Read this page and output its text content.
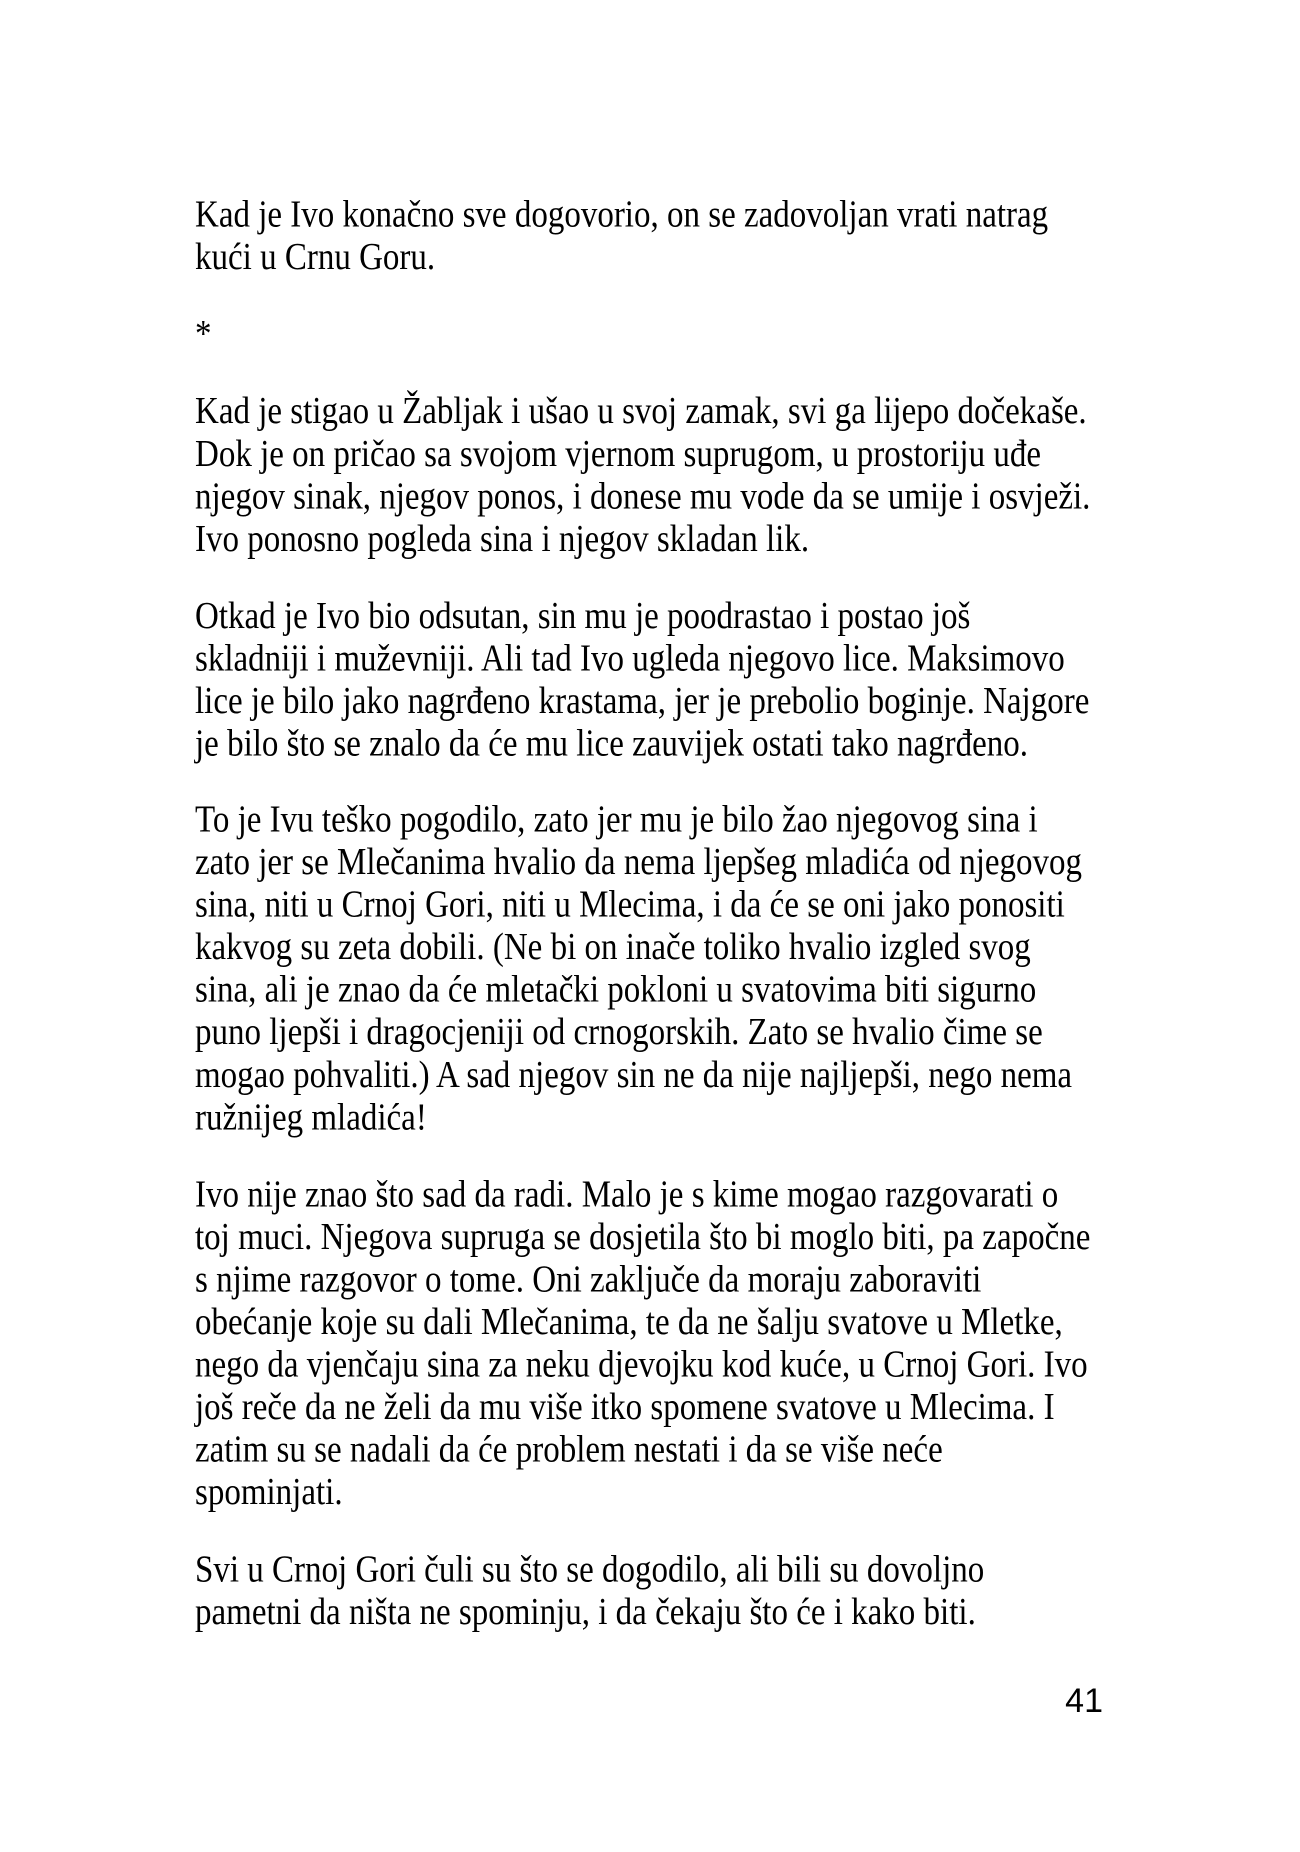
Kad je Ivo konačno sve dogovorio, on se zadovoljan vrati natrag
kući u Crnu Goru.
*
Kad je stigao u Žabljak i ušao u svoj zamak, svi ga lijepo dočekaše.
Dok je on pričao sa svojom vjernom suprugom, u prostoriju uđe
njegov sinak, njegov ponos, i donese mu vode da se umije i osvježi.
Ivo ponosno pogleda sina i njegov skladan lik.
Otkad je Ivo bio odsutan, sin mu je poodrastao i postao još
skladniji i muževniji. Ali tad Ivo ugleda njegovo lice. Maksimovo
lice je bilo jako nagrđeno krastama, jer je prebolio boginje. Najgore
je bilo što se znalo da će mu lice zauvijek ostati tako nagrđeno.
To je Ivu teško pogodilo, zato jer mu je bilo žao njegovog sina i
zato jer se Mlečanima hvalio da nema ljepšeg mladića od njegovog
sina, niti u Crnoj Gori, niti u Mlecima, i da će se oni jako ponositi
kakvog su zeta dobili. (Ne bi on inače toliko hvalio izgled svog
sina, ali je znao da će mletački pokloni u svatovima biti sigurno
puno ljepši i dragocjeniji od crnogorskih. Zato se hvalio čime se
mogao pohvaliti.) A sad njegov sin ne da nije najljepši, nego nema
ružnijeg mladića!
Ivo nije znao što sad da radi. Malo je s kime mogao razgovarati o
toj muci. Njegova supruga se dosjetila što bi moglo biti, pa započne
s njime razgovor o tome. Oni zaključe da moraju zaboraviti
obećanje koje su dali Mlečanima, te da ne šalju svatove u Mletke,
nego da vjenčaju sina za neku djevojku kod kuće, u Crnoj Gori. Ivo
još reče da ne želi da mu više itko spomene svatove u Mlecima. I
zatim su se nadali da će problem nestati i da se više neće
spominjati.
Svi u Crnoj Gori čuli su što se dogodilo, ali bili su dovoljno
pametni da ništa ne spominju, i da čekaju što će i kako biti.
41
